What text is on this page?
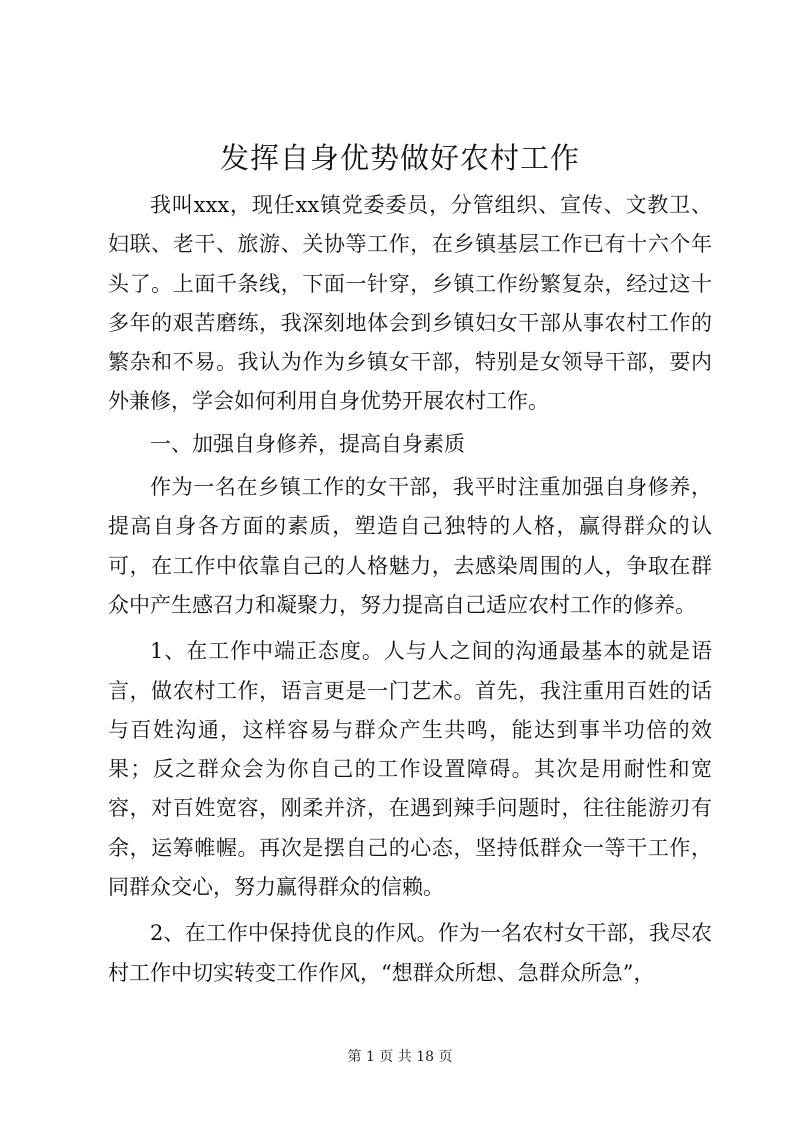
发挥自身优势做好农村工作

我叫xxx，现任xx镇党委委员，分管组织、宣传、文教卫、妇联、老干、旅游、关协等工作，在乡镇基层工作已有十六个年头了。上面千条线，下面一针穿，乡镇工作纷繁复杂，经过这十多年的艰苦磨练，我深刻地体会到乡镇妇女干部从事农村工作的繁杂和不易。我认为作为乡镇女干部，特别是女领导干部，要内外兼修，学会如何利用自身优势开展农村工作。

一、加强自身修养，提高自身素质

作为一名在乡镇工作的女干部，我平时注重加强自身修养，提高自身各方面的素质，塑造自己独特的人格，赢得群众的认可，在工作中依靠自己的人格魅力，去感染周围的人，争取在群众中产生感召力和凝聚力，努力提高自己适应农村工作的修养。

1、在工作中端正态度。人与人之间的沟通最基本的就是语言，做农村工作，语言更是一门艺术。首先，我注重用百姓的话与百姓沟通，这样容易与群众产生共鸣，能达到事半功倍的效果；反之群众会为你自己的工作设置障碍。其次是用耐性和宽容，对百姓宽容，刚柔并济，在遇到辣手问题时，往往能游刃有余，运筹帷幄。再次是摆自己的心态，坚持低群众一等干工作，同群众交心，努力赢得群众的信赖。

2、在工作中保持优良的作风。作为一名农村女干部，我尽农村工作中切实转变工作作风，“想群众所想、急群众所急”，

第 1 页 共 18 页
